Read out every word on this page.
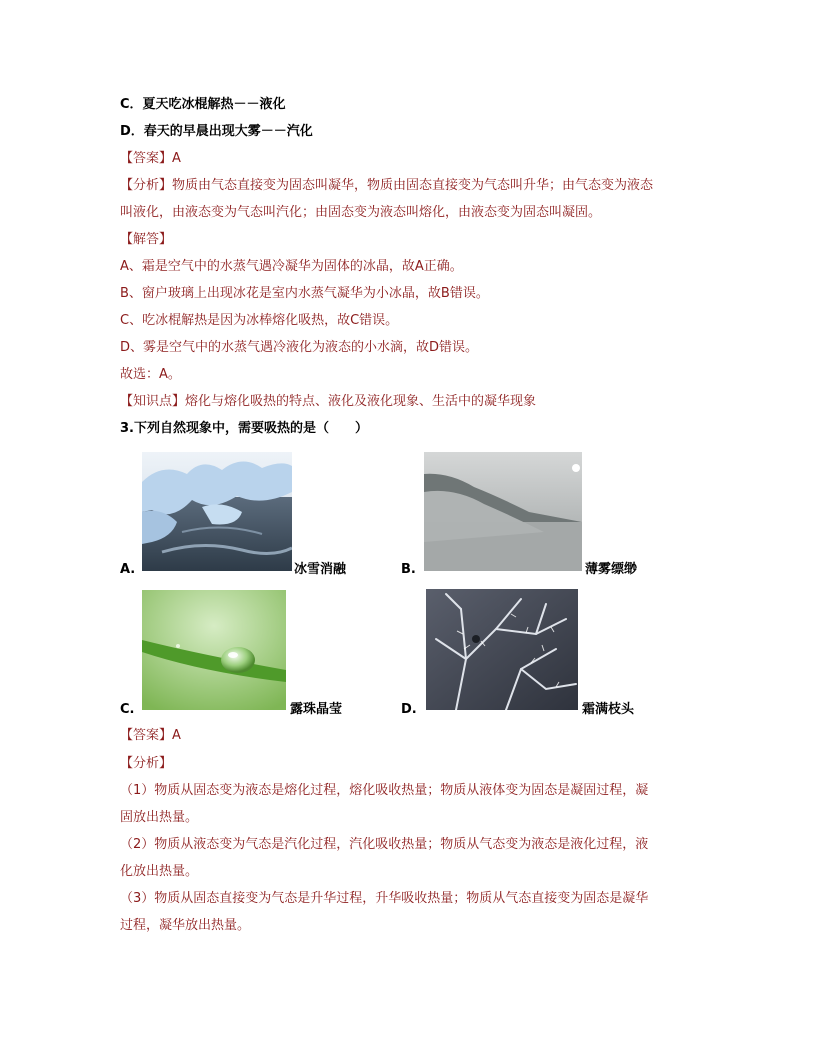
C．夏天吃冰棍解热－－液化
D．春天的早晨出现大雾－－汽化
【答案】A
【分析】物质由气态直接变为固态叫凝华，物质由固态直接变为气态叫升华；由气态变为液态
叫液化，由液态变为气态叫汽化；由固态变为液态叫熔化，由液态变为固态叫凝固。
【解答】
A、霜是空气中的水蒸气遇冷凝华为固体的冰晶，故A正确。
B、窗户玻璃上出现冰花是室内水蒸气凝华为小冰晶，故B错误。
C、吃冰棍解热是因为冰棒熔化吸热，故C错误。
D、雾是空气中的水蒸气遇冷液化为液态的小水滴，故D错误。
故选：A。
【知识点】熔化与熔化吸热的特点、液化及液化现象、生活中的凝华现象
3.下列自然现象中，需要吸热的是（　　）
A.	冰雪消融	B.	薄雾缥缈
C.	露珠晶莹	D.	霜满枝头
【答案】A
【分析】
（1）物质从固态变为液态是熔化过程，熔化吸收热量；物质从液体变为固态是凝固过程，凝
固放出热量。
（2）物质从液态变为气态是汽化过程，汽化吸收热量；物质从气态变为液态是液化过程，液
化放出热量。
（3）物质从固态直接变为气态是升华过程，升华吸收热量；物质从气态直接变为固态是凝华
过程，凝华放出热量。
